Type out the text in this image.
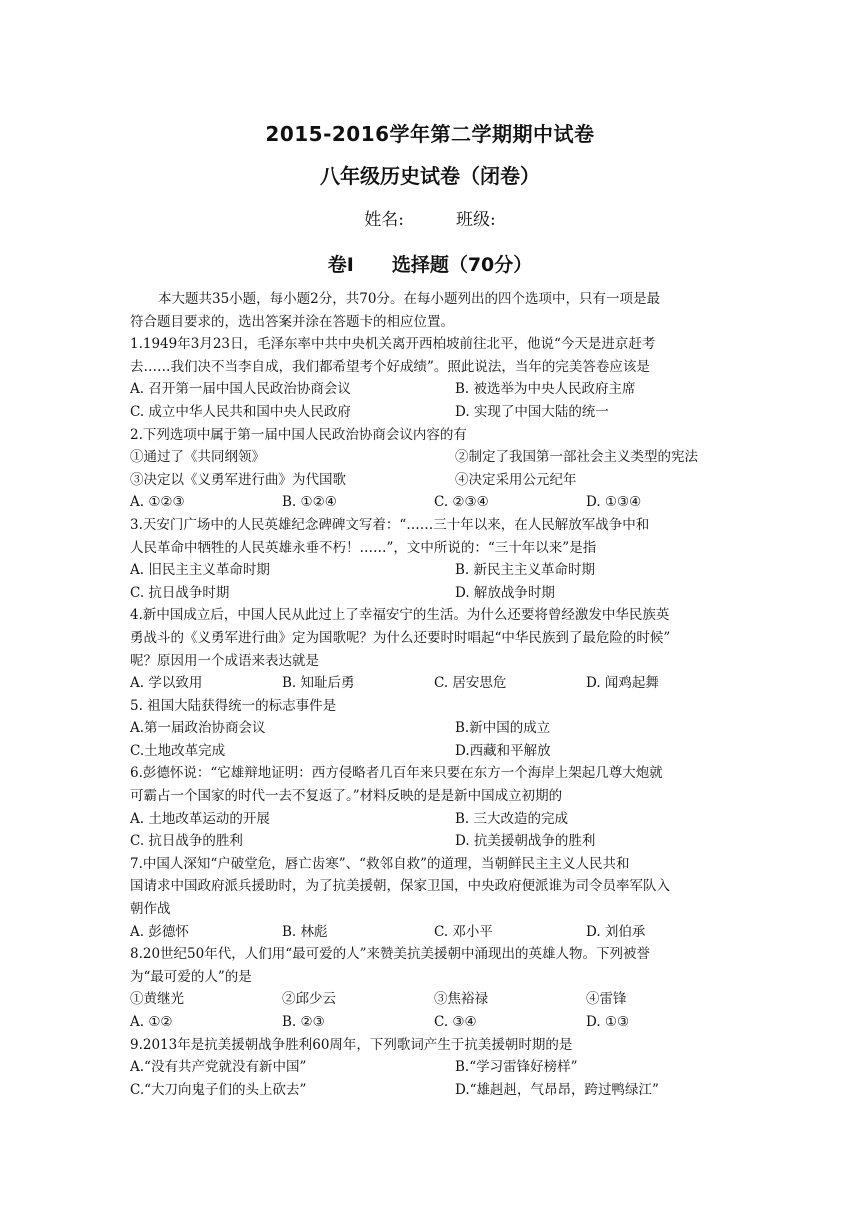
2015-2016学年第二学期期中试卷
八年级历史试卷（闭卷）
姓名:	班级:
卷Ⅰ 选择题（70分）
本大题共35小题，每小题2分，共70分。在每小题列出的四个选项中，只有一项是最
符合题目要求的，选出答案并涂在答题卡的相应位置。
1.1949年3月23日，毛泽东率中共中央机关离开西柏坡前往北平，他说“今天是进京赶考
去……我们决不当李自成，我们都希望考个好成绩”。照此说法，当年的完美答卷应该是
A. 召开第一届中国人民政治协商会议	B. 被选举为中央人民政府主席
C. 成立中华人民共和国中央人民政府	D. 实现了中国大陆的统一
2.下列选项中属于第一届中国人民政治协商会议内容的有
①通过了《共同纲领》	②制定了我国第一部社会主义类型的宪法
③决定以《义勇军进行曲》为代国歌	④决定采用公元纪年
A. ①②③	B. ①②④	C. ②③④	D. ①③④
3.天安门广场中的人民英雄纪念碑碑文写着：“……三十年以来，在人民解放军战争中和
人民革命中牺牲的人民英雄永垂不朽！……”，文中所说的：“三十年以来”是指
A. 旧民主主义革命时期	B. 新民主主义革命时期
C. 抗日战争时期	D. 解放战争时期
4.新中国成立后，中国人民从此过上了幸福安宁的生活。为什么还要将曾经激发中华民族英
勇战斗的《义勇军进行曲》定为国歌呢？为什么还要时时唱起“中华民族到了最危险的时候”
呢？原因用一个成语来表达就是
A. 学以致用	B. 知耻后勇	C. 居安思危	D. 闻鸡起舞
5. 祖国大陆获得统一的标志事件是
A.第一届政治协商会议	B.新中国的成立
C.土地改革完成	D.西藏和平解放
6.彭德怀说：“它雄辩地证明：西方侵略者几百年来只要在东方一个海岸上架起几尊大炮就
可霸占一个国家的时代一去不复返了。”材料反映的是是新中国成立初期的
A. 土地改革运动的开展	B. 三大改造的完成
C. 抗日战争的胜利	D. 抗美援朝战争的胜利
7.中国人深知“户破堂危，唇亡齿寒”、“救邻自救”的道理，当朝鲜民主主义人民共和
国请求中国政府派兵援助时，为了抗美援朝，保家卫国，中央政府便派谁为司令员率军队入
朝作战
A. 彭德怀	B. 林彪	C. 邓小平	D. 刘伯承
8.20世纪50年代，人们用“最可爱的人”来赞美抗美援朝中涌现出的英雄人物。下列被誉
为“最可爱的人”的是
①黄继光	②邱少云	③焦裕禄	④雷锋
A. ①②	B. ②③	C. ③④	D. ①③
9.2013年是抗美援朝战争胜利60周年，下列歌词产生于抗美援朝时期的是
A.“没有共产党就没有新中国”	B.“学习雷锋好榜样”
C.“大刀向鬼子们的头上砍去”	D.“雄赳赳，气昂昂，跨过鸭绿江”
